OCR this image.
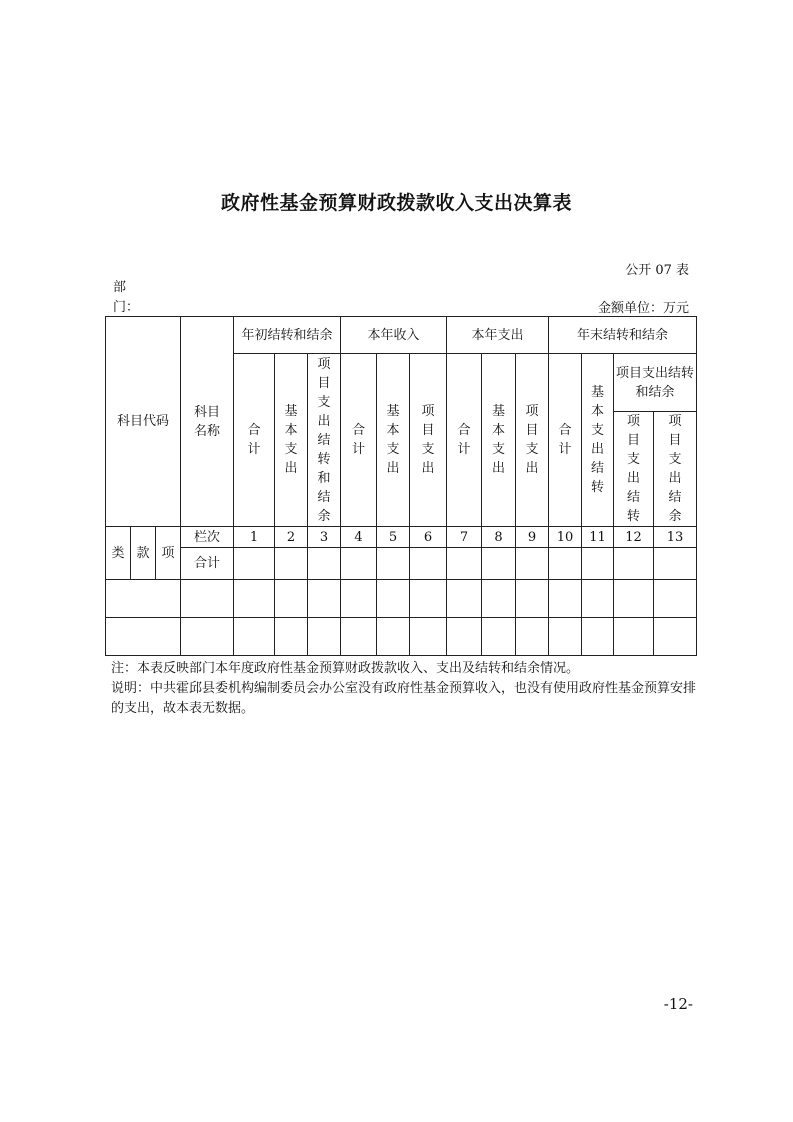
政府性基金预算财政拨款收入支出决算表
公开 07 表
部门：	金额单位：万元
科目代码			科目名称	年初结转和结余			本年收入			本年支出			年末结转和结余			
				合计	基本支出	项目支出结转和结余	合计	基本支出	项目支出	合计	基本支出	项目支出	合计	基本支出结转	项目支出结转和结余	
															项目支出结转	项目支出结余
类	款	项	栏次	1	2	3	4	5	6	7	8	9	10	11	12	13
			合计													

注：本表反映部门本年度政府性基金预算财政拨款收入、支出及结转和结余情况。

说明：中共霍邱县委机构编制委员会办公室没有政府性基金预算收入，也没有使用政府性基金预算安排的支出，故本表无数据。

-12-
